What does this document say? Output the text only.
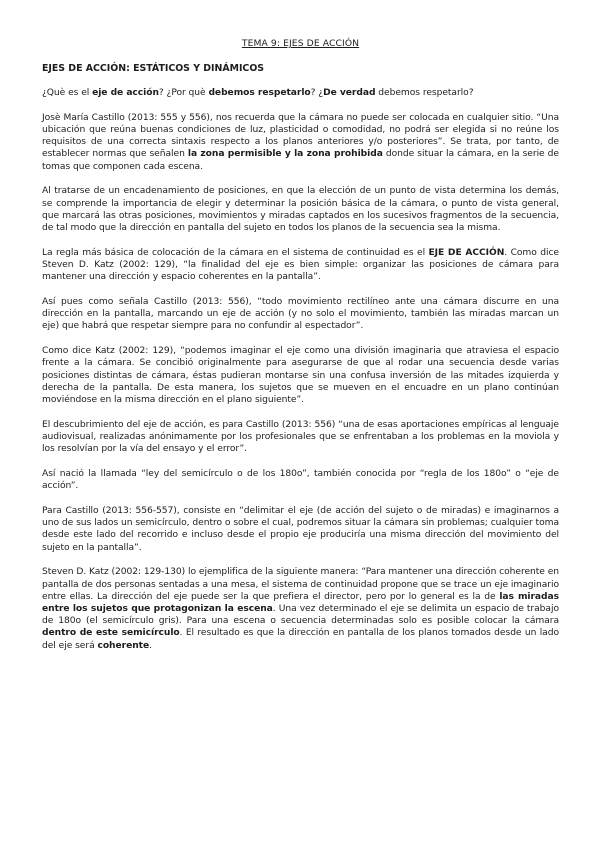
TEMA 9: EJES DE ACCIÓN
EJES DE ACCIÓN: ESTÁTICOS Y DINÁMICOS

¿Què es el eje de acción? ¿Por què debemos respetarlo? ¿De verdad debemos respetarlo?

Josè María Castillo (2013: 555 y 556), nos recuerda que la cámara no puede ser colocada en cualquier sitio. “Una ubicación que reúna buenas condiciones de luz, plasticidad o comodidad, no podrá ser elegida si no reúne los requisitos de una correcta sintaxis respecto a los planos anteriores y/o posteriores”. Se trata, por tanto, de establecer normas que señalen la zona permisible y la zona prohibida donde situar la cámara, en la serie de tomas que componen cada escena.

Al tratarse de un encadenamiento de posiciones, en que la elección de un punto de vista determina los demás, se comprende la importancia de elegir y determinar la posición básica de la cámara, o punto de vista general, que marcará las otras posiciones, movimientos y miradas captados en los sucesivos fragmentos de la secuencia, de tal modo que la dirección en pantalla del sujeto en todos los planos de la secuencia sea la misma.

La regla más básica de colocación de la cámara en el sistema de continuidad es el EJE DE ACCIÓN. Como dice Steven D. Katz (2002: 129), “la finalidad del eje es bien simple: organizar las posiciones de cámara para mantener una dirección y espacio coherentes en la pantalla”.

Así pues como señala Castillo (2013: 556), “todo movimiento rectilíneo ante una cámara discurre en una dirección en la pantalla, marcando un eje de acción (y no solo el movimiento, también las miradas marcan un eje) que habrá que respetar siempre para no confundir al espectador”.

Como dice Katz (2002: 129), “podemos imaginar el eje como una división imaginaria que atraviesa el espacio frente a la cámara. Se concibió originalmente para asegurarse de que al rodar una secuencia desde varias posiciones distintas de cámara, éstas pudieran montarse sin una confusa inversión de las mitades izquierda y derecha de la pantalla. De esta manera, los sujetos que se mueven en el encuadre en un plano continúan moviéndose en la misma dirección en el plano siguiente”.

El descubrimiento del eje de acción, es para Castillo (2013: 556) “una de esas aportaciones empíricas al lenguaje audiovisual, realizadas anónimamente por los profesionales que se enfrentaban a los problemas en la moviola y los resolvían por la vía del ensayo y el error”.

Así nació la llamada “ley del semicírculo o de los 180o”, también conocida por “regla de los 180o” o “eje de acción”.

Para Castillo (2013: 556-557), consiste en “delimitar el eje (de acción del sujeto o de miradas) e imaginarnos a uno de sus lados un semicírculo, dentro o sobre el cual, podremos situar la cámara sin problemas; cualquier toma desde este lado del recorrido e incluso desde el propio eje produciría una misma dirección del movimiento del sujeto en la pantalla”.

Steven D. Katz (2002: 129-130) lo ejemplifica de la siguiente manera: “Para mantener una dirección coherente en pantalla de dos personas sentadas a una mesa, el sistema de continuidad propone que se trace un eje imaginario entre ellas. La dirección del eje puede ser la que prefiera el director, pero por lo general es la de las miradas entre los sujetos que protagonizan la escena. Una vez determinado el eje se delimita un espacio de trabajo de 180o (el semicírculo gris). Para una escena o secuencia determinadas solo es posible colocar la cámara dentro de este semicírculo. El resultado es que la dirección en pantalla de los planos tomados desde un lado del eje será coherente.
